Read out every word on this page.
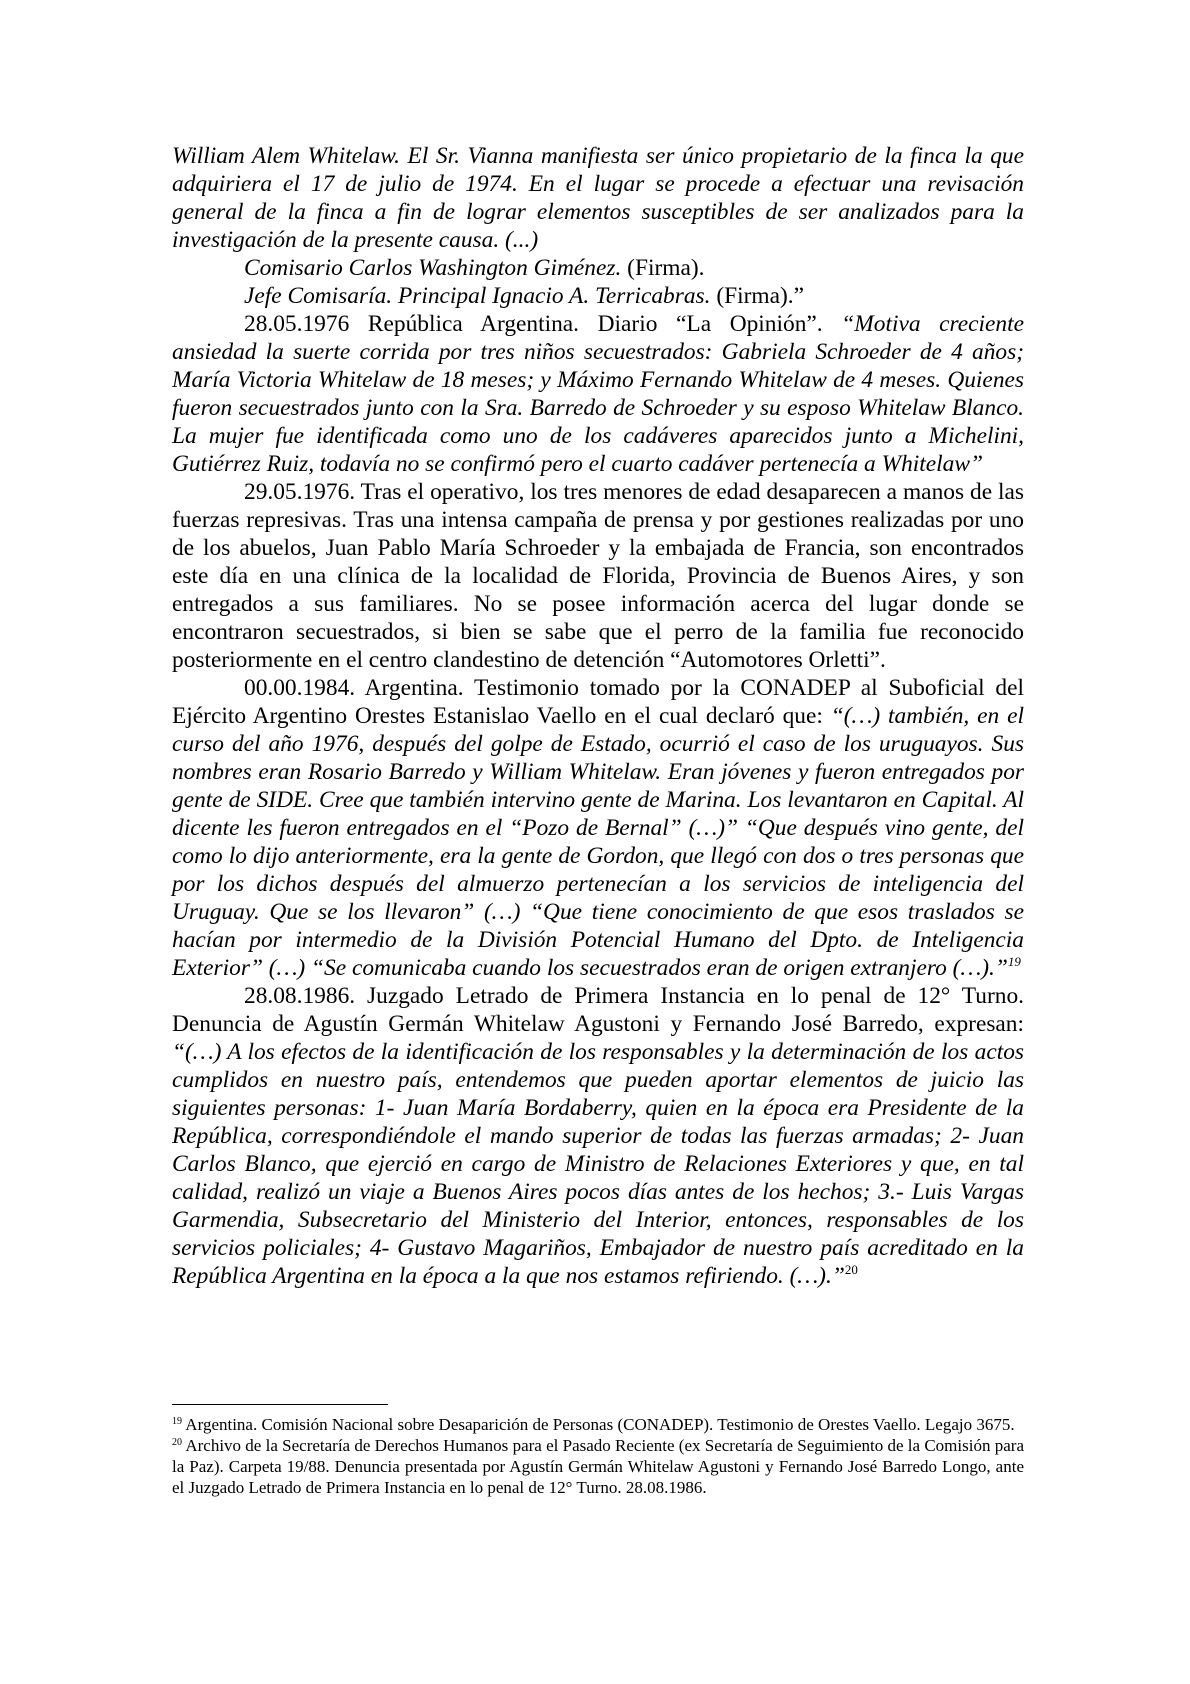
William Alem Whitelaw. El Sr. Vianna manifiesta ser único propietario de la finca la que adquiriera el 17 de julio de 1974. En el lugar se procede a efectuar una revisación general de la finca a fin de lograr elementos susceptibles de ser analizados para la investigación de la presente causa. (...)

Comisario Carlos Washington Giménez. (Firma).

Jefe Comisaría. Principal Ignacio A. Terricabras. (Firma).”

28.05.1976 República Argentina. Diario “La Opinión”. “Motiva creciente ansiedad la suerte corrida por tres niños secuestrados: Gabriela Schroeder de 4 años; María Victoria Whitelaw de 18 meses; y Máximo Fernando Whitelaw de 4 meses. Quienes fueron secuestrados junto con la Sra. Barredo de Schroeder y su esposo Whitelaw Blanco. La mujer fue identificada como uno de los cadáveres aparecidos junto a Michelini, Gutiérrez Ruiz, todavía no se confirmó pero el cuarto cadáver pertenecía a Whitelaw”

29.05.1976. Tras el operativo, los tres menores de edad desaparecen a manos de las fuerzas represivas. Tras una intensa campaña de prensa y por gestiones realizadas por uno de los abuelos, Juan Pablo María Schroeder y la embajada de Francia, son encontrados este día en una clínica de la localidad de Florida, Provincia de Buenos Aires, y son entregados a sus familiares. No se posee información acerca del lugar donde se encontraron secuestrados, si bien se sabe que el perro de la familia fue reconocido posteriormente en el centro clandestino de detención “Automotores Orletti”.

00.00.1984. Argentina. Testimonio tomado por la CONADEP al Suboficial del Ejército Argentino Orestes Estanislao Vaello en el cual declaró que: “(…) también, en el curso del año 1976, después del golpe de Estado, ocurrió el caso de los uruguayos. Sus nombres eran Rosario Barredo y William Whitelaw. Eran jóvenes y fueron entregados por gente de SIDE. Cree que también intervino gente de Marina. Los levantaron en Capital. Al dicente les fueron entregados en el “Pozo de Bernal” (…)” “Que después vino gente, del como lo dijo anteriormente, era la gente de Gordon, que llegó con dos o tres personas que por los dichos después del almuerzo pertenecían a los servicios de inteligencia del Uruguay. Que se los llevaron” (…) “Que tiene conocimiento de que esos traslados se hacían por intermedio de la División Potencial Humano del Dpto. de Inteligencia Exterior” (…) “Se comunicaba cuando los secuestrados eran de origen extranjero (…).”$^{19}$

28.08.1986. Juzgado Letrado de Primera Instancia en lo penal de 12° Turno. Denuncia de Agustín Germán Whitelaw Agustoni y Fernando José Barredo, expresan: “(…) A los efectos de la identificación de los responsables y la determinación de los actos cumplidos en nuestro país, entendemos que pueden aportar elementos de juicio las siguientes personas: 1- Juan María Bordaberry, quien en la época era Presidente de la República, correspondiéndole el mando superior de todas las fuerzas armadas; 2- Juan Carlos Blanco, que ejerció en cargo de Ministro de Relaciones Exteriores y que, en tal calidad, realizó un viaje a Buenos Aires pocos días antes de los hechos; 3.- Luis Vargas Garmendia, Subsecretario del Ministerio del Interior, entonces, responsables de los servicios policiales; 4- Gustavo Magariños, Embajador de nuestro país acreditado en la República Argentina en la época a la que nos estamos refiriendo. (…).”$^{20}$

$^{19}$ Argentina. Comisión Nacional sobre Desaparición de Personas (CONADEP). Testimonio de Orestes Vaello. Legajo 3675.

$^{20}$ Archivo de la Secretaría de Derechos Humanos para el Pasado Reciente (ex Secretaría de Seguimiento de la Comisión para la Paz). Carpeta 19/88. Denuncia presentada por Agustín Germán Whitelaw Agustoni y Fernando José Barredo Longo, ante el Juzgado Letrado de Primera Instancia en lo penal de 12° Turno. 28.08.1986.
